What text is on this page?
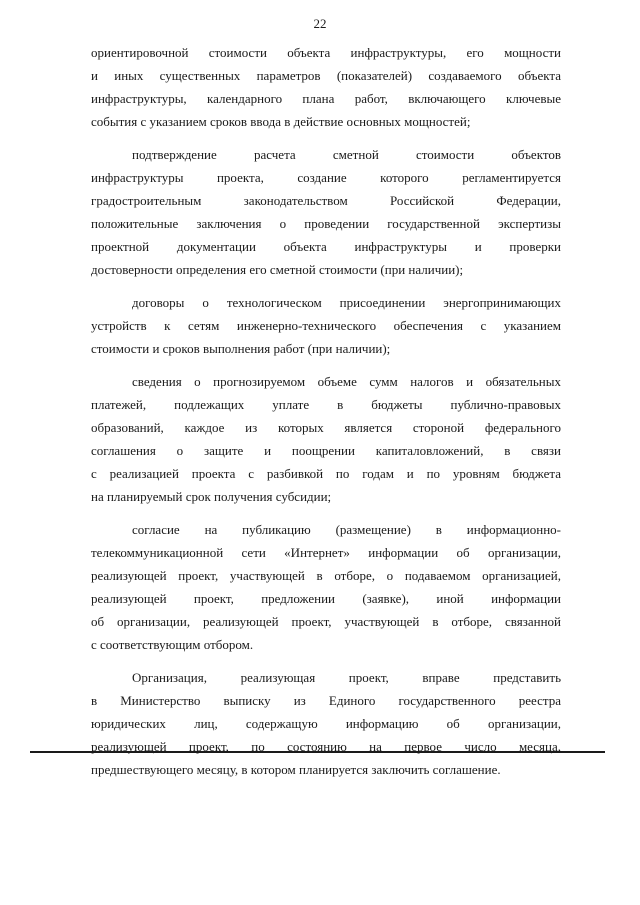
22

ориентировочной стоимости объекта инфраструктуры, его мощности
и иных существенных параметров (показателей) создаваемого объекта
инфраструктуры, календарного плана работ, включающего ключевые
события с указанием сроков ввода в действие основных мощностей;

подтверждение расчета сметной стоимости объектов
инфраструктуры проекта, создание которого регламентируется
градостроительным законодательством Российской Федерации,
положительные заключения о проведении государственной экспертизы
проектной документации объекта инфраструктуры и проверки
достоверности определения его сметной стоимости (при наличии);

договоры о технологическом присоединении энергопринимающих
устройств к сетям инженерно-технического обеспечения с указанием
стоимости и сроков выполнения работ (при наличии);

сведения о прогнозируемом объеме сумм налогов и обязательных
платежей, подлежащих уплате в бюджеты публично-правовых
образований, каждое из которых является стороной федерального
соглашения о защите и поощрении капиталовложений, в связи
с реализацией проекта с разбивкой по годам и по уровням бюджета
на планируемый срок получения субсидии;

согласие на публикацию (размещение) в информационно-
телекоммуникационной сети «Интернет» информации об организации,
реализующей проект, участвующей в отборе, о подаваемом организацией,
реализующей проект, предложении (заявке), иной информации
об организации, реализующей проект, участвующей в отборе, связанной
с соответствующим отбором.

Организация, реализующая проект, вправе представить
в Министерство выписку из Единого государственного реестра
юридических лиц, содержащую информацию об организации,
реализующей проект, по состоянию на первое число месяца,
предшествующего месяцу, в котором планируется заключить соглашение.
